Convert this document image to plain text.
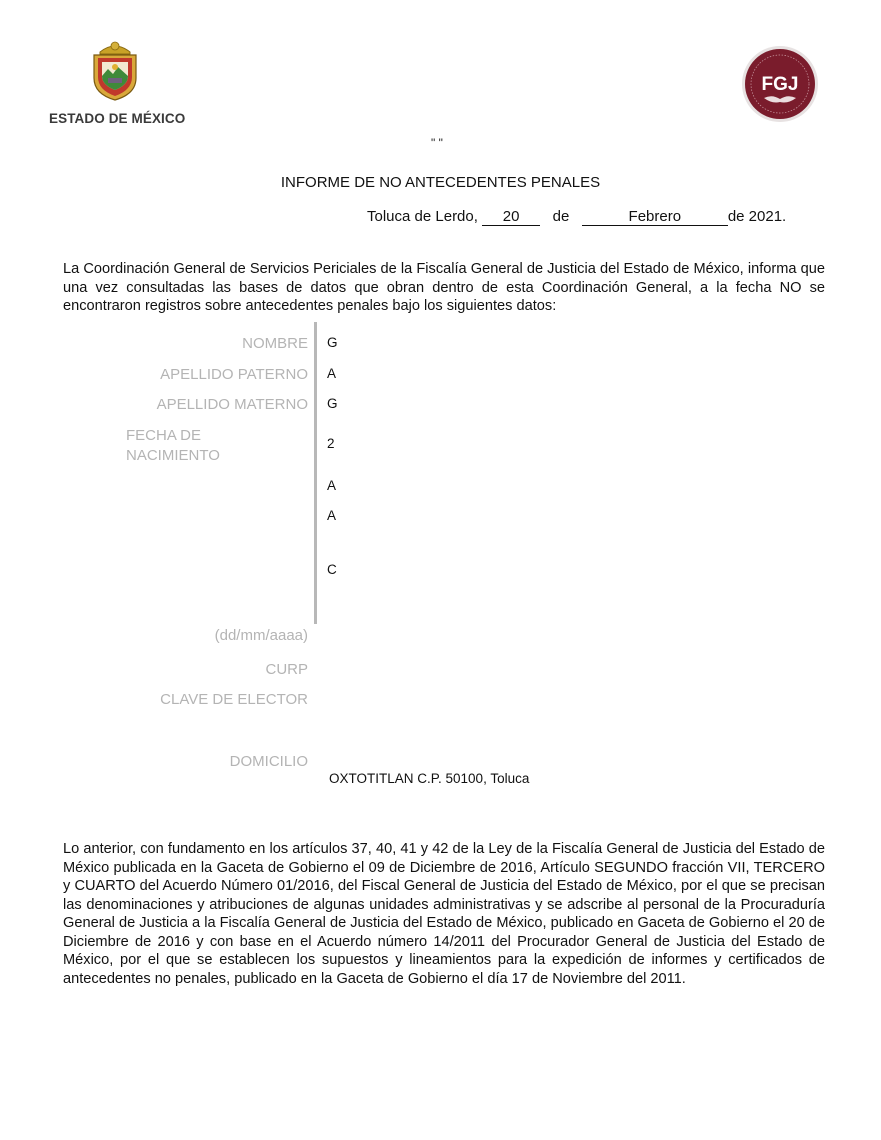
ESTADO DE MÉXICO
FGJ
" "
INFORME DE NO ANTECEDENTES PENALES
Toluca de Lerdo, 20 de	Febrero	de 2021.
La Coordinación General de Servicios Periciales de la Fiscalía General de Justicia del Estado de México, informa que una vez consultadas las bases de datos que obran dentro de esta Coordinación General, a la fecha NO se encontraron registros sobre antecedentes penales bajo los siguientes datos:
NOMBRE
APELLIDO PATERNO
APELLIDO MATERNO
FECHA DE
NACIMIENTO
(dd/mm/aaaa)
CURP
CLAVE DE ELECTOR
DOMICILIO
G
A
G
2
A
A
C
OXTOTITLAN C.P. 50100, Toluca
Lo anterior, con fundamento en los artículos 37, 40, 41 y 42 de la Ley de la Fiscalía General de Justicia del Estado de México publicada en la Gaceta de Gobierno el 09 de Diciembre de 2016, Artículo SEGUNDO fracción VII, TERCERO y CUARTO del Acuerdo Número 01/2016, del Fiscal General de Justicia del Estado de México, por el que se precisan las denominaciones y atribuciones de algunas unidades administrativas y se adscribe al personal de la Procuraduría General de Justicia a la Fiscalía General de Justicia del Estado de México, publicado en Gaceta de Gobierno el 20 de Diciembre de 2016 y con base en el Acuerdo número 14/2011 del Procurador General de Justicia del Estado de México, por el que se establecen los supuestos y lineamientos para la expedición de informes y certificados de antecedentes no penales, publicado en la Gaceta de Gobierno el día 17 de Noviembre del 2011.
